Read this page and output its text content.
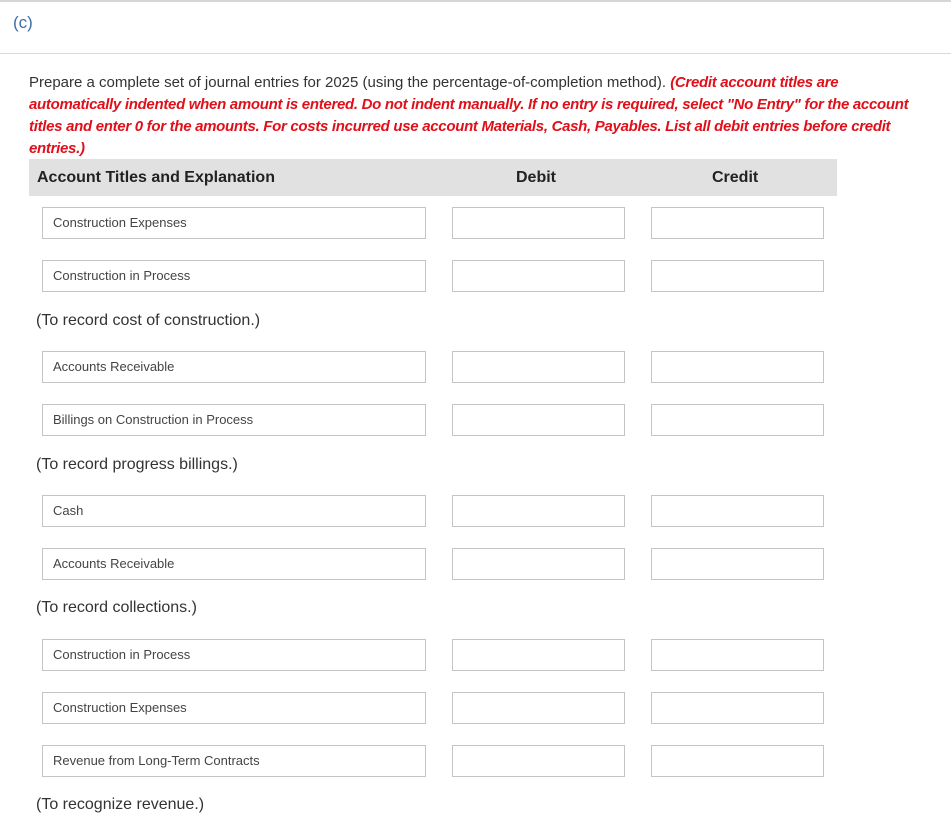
(c)
Prepare a complete set of journal entries for 2025 (using the percentage-of-completion method). (Credit account titles are automatically indented when amount is entered. Do not indent manually. If no entry is required, select "No Entry" for the account titles and enter 0 for the amounts. For costs incurred use account Materials, Cash, Payables. List all debit entries before credit entries.)
Account Titles and Explanation	Debit	Credit
Construction Expenses
Construction in Process
(To record cost of construction.)
Accounts Receivable
Billings on Construction in Process
(To record progress billings.)
Cash
Accounts Receivable
(To record collections.)
Construction in Process
Construction Expenses
Revenue from Long-Term Contracts
(To recognize revenue.)
